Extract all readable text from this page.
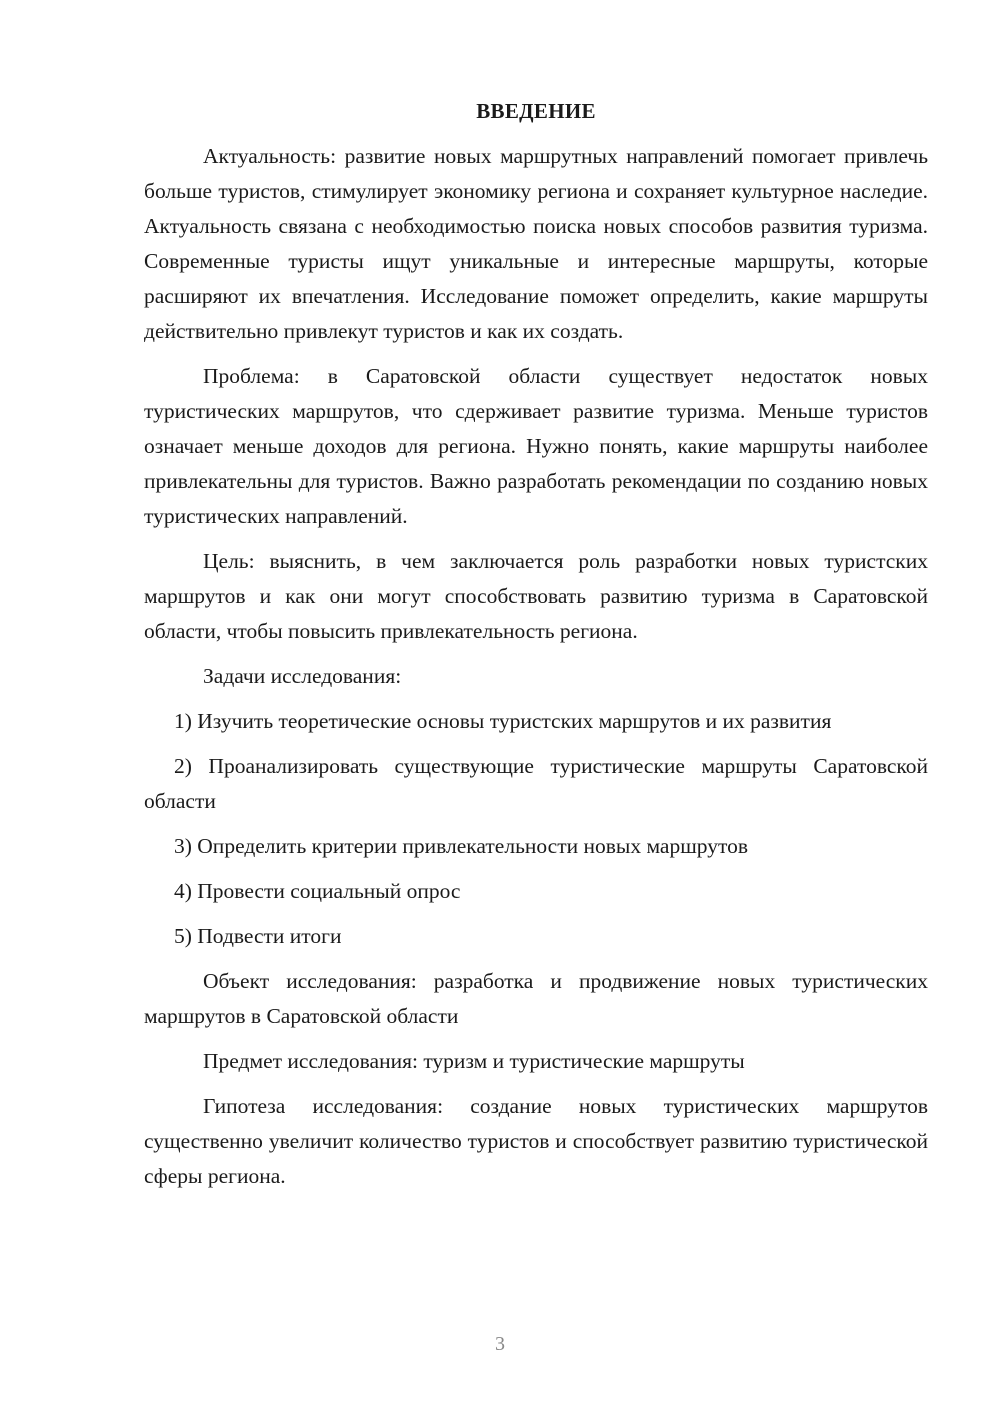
ВВЕДЕНИЕ

Актуальность: развитие новых маршрутных направлений помогает привлечь больше туристов, стимулирует экономику региона и сохраняет культурное наследие. Актуальность связана с необходимостью поиска новых способов развития туризма. Современные туристы ищут уникальные и интересные маршруты, которые расширяют их впечатления. Исследование поможет определить, какие маршруты действительно привлекут туристов и как их создать.

Проблема: в Саратовской области существует недостаток новых туристических маршрутов, что сдерживает развитие туризма. Меньше туристов означает меньше доходов для региона. Нужно понять, какие маршруты наиболее привлекательны для туристов. Важно разработать рекомендации по созданию новых туристических направлений.

Цель: выяснить, в чем заключается роль разработки новых туристских маршрутов и как они могут способствовать развитию туризма в Саратовской области, чтобы повысить привлекательность региона.

Задачи исследования:

1) Изучить теоретические основы туристских маршрутов и их развития

2) Проанализировать существующие туристические маршруты Саратовской области

3) Определить критерии привлекательности новых маршрутов

4) Провести социальный опрос

5) Подвести итоги

Объект исследования: разработка и продвижение новых туристических маршрутов в Саратовской области

Предмет исследования: туризм и туристические маршруты

Гипотеза исследования: создание новых туристических маршрутов существенно увеличит количество туристов и способствует развитию туристической сферы региона.

3
